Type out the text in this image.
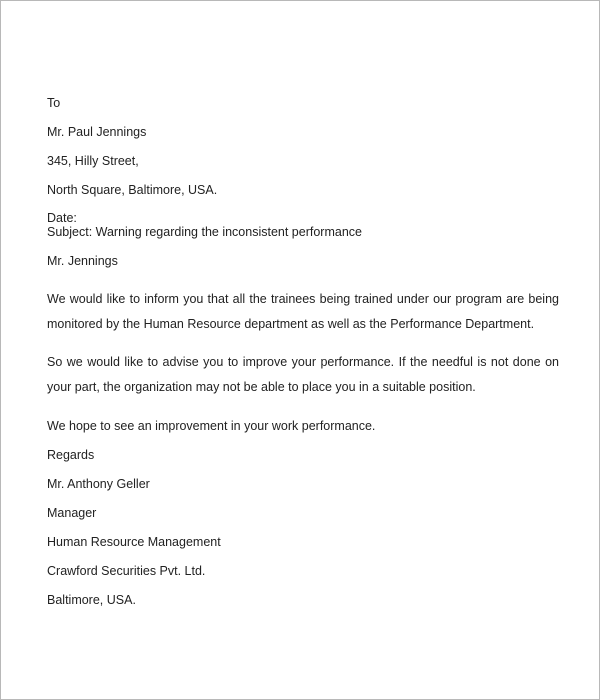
To

Mr. Paul Jennings

345, Hilly Street,

North Square, Baltimore, USA.

Date:

Subject: Warning regarding the inconsistent performance

Mr. Jennings

We would like to inform you that all the trainees being trained under our program are being monitored by the Human Resource department as well as the Performance Department.

So we would like to advise you to improve your performance. If the needful is not done on your part, the organization may not be able to place you in a suitable position.

We hope to see an improvement in your work performance.

Regards

Mr. Anthony Geller

Manager

Human Resource Management

Crawford Securities Pvt. Ltd.

Baltimore, USA.
